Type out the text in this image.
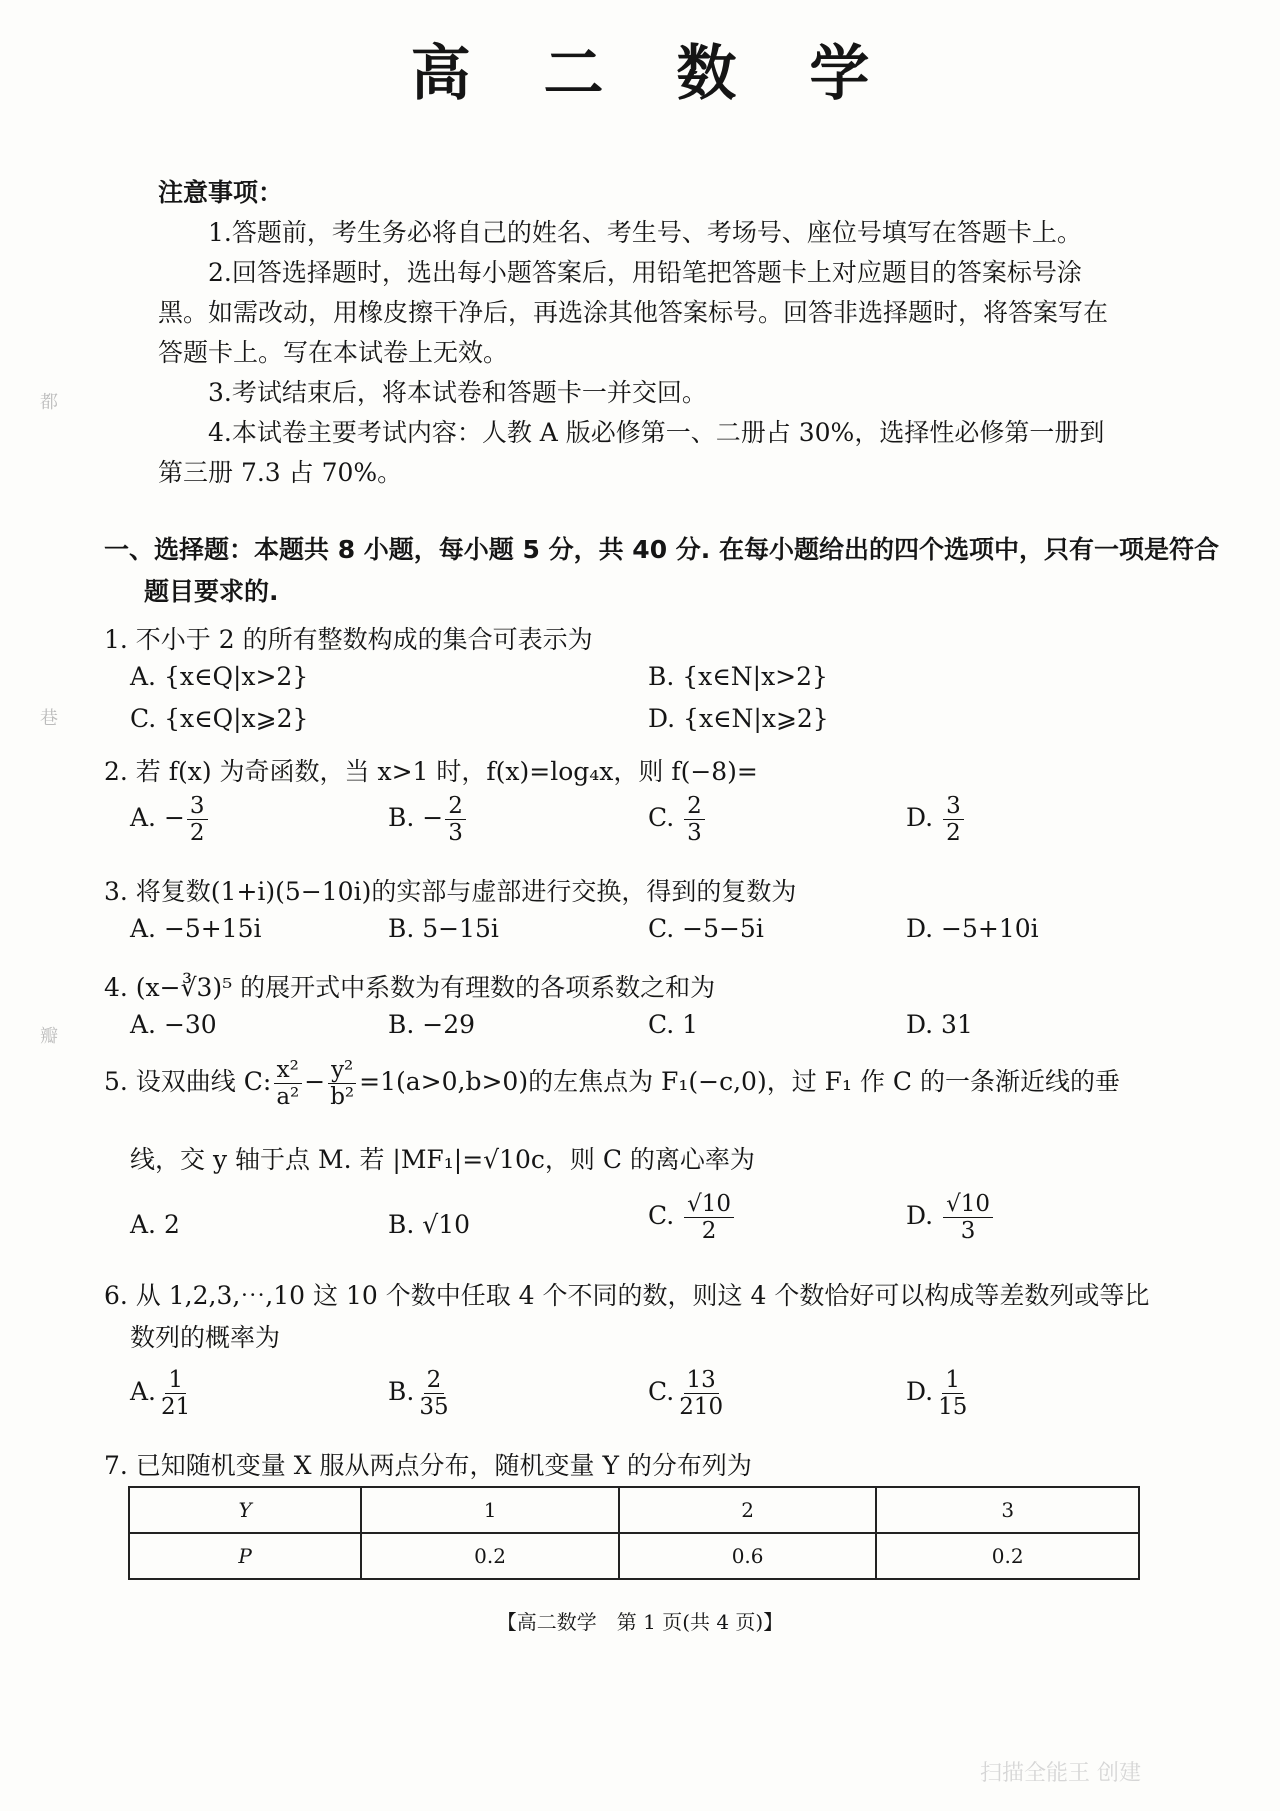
高 二 数 学
都
巷
瓣
注意事项：
1.答题前，考生务必将自己的姓名、考生号、考场号、座位号填写在答题卡上。
2.回答选择题时，选出每小题答案后，用铅笔把答题卡上对应题目的答案标号涂
黑。如需改动，用橡皮擦干净后，再选涂其他答案标号。回答非选择题时，将答案写在
答题卡上。写在本试卷上无效。
3.考试结束后，将本试卷和答题卡一并交回。
4.本试卷主要考试内容：人教 A 版必修第一、二册占 30%，选择性必修第一册到
第三册 7.3 占 70%。
一、选择题：本题共 8 小题，每小题 5 分，共 40 分. 在每小题给出的四个选项中，只有一项是符合
题目要求的.
1. 不小于 2 的所有整数构成的集合可表示为
A. {x∈Q|x>2}	B. {x∈N|x>2}
C. {x∈Q|x⩾2}	D. {x∈N|x⩾2}
2. 若 f(x) 为奇函数，当 x>1 时，f(x)=log₄x，则 f(−8)=
A. − $\frac{3}{2}$	B. − $\frac{2}{3}$	C. $\frac{2}{3}$	D. $\frac{3}{2}$
3. 将复数(1+i)(5−10i)的实部与虚部进行交换，得到的复数为
A. −5+15i	B. 5−15i	C. −5−5i	D. −5+10i
4. (x−∛3)⁵ 的展开式中系数为有理数的各项系数之和为
A. −30	B. −29	C. 1	D. 31
5. 设双曲线 C: $\frac{\text{x²}}{\text{a²}} - \frac{\text{y²}}{\text{b²}} =1(a>0,b>0)$的左焦点为 F₁(−c,0)，过 F₁ 作 C 的一条渐近线的垂
线，交 y 轴于点 M. 若 |MF₁|=√10c，则 C 的离心率为
A. 2	B. √10	C. $\frac{√10}{2}$	D. $\frac{√10}{3}$
6. 从 1,2,3,⋯,10 这 10 个数中任取 4 个不同的数，则这 4 个数恰好可以构成等差数列或等比
数列的概率为
A. $\frac{1}{21}$	B. $\frac{2}{35}$	C. $\frac{13}{210}$	D. $\frac{1}{15}$
7. 已知随机变量 X 服从两点分布，随机变量 Y 的分布列为
Y	1	2	3
P	0.2	0.6	0.2
【高二数学　第 1 页(共 4 页)】
扫描全能王 创建
